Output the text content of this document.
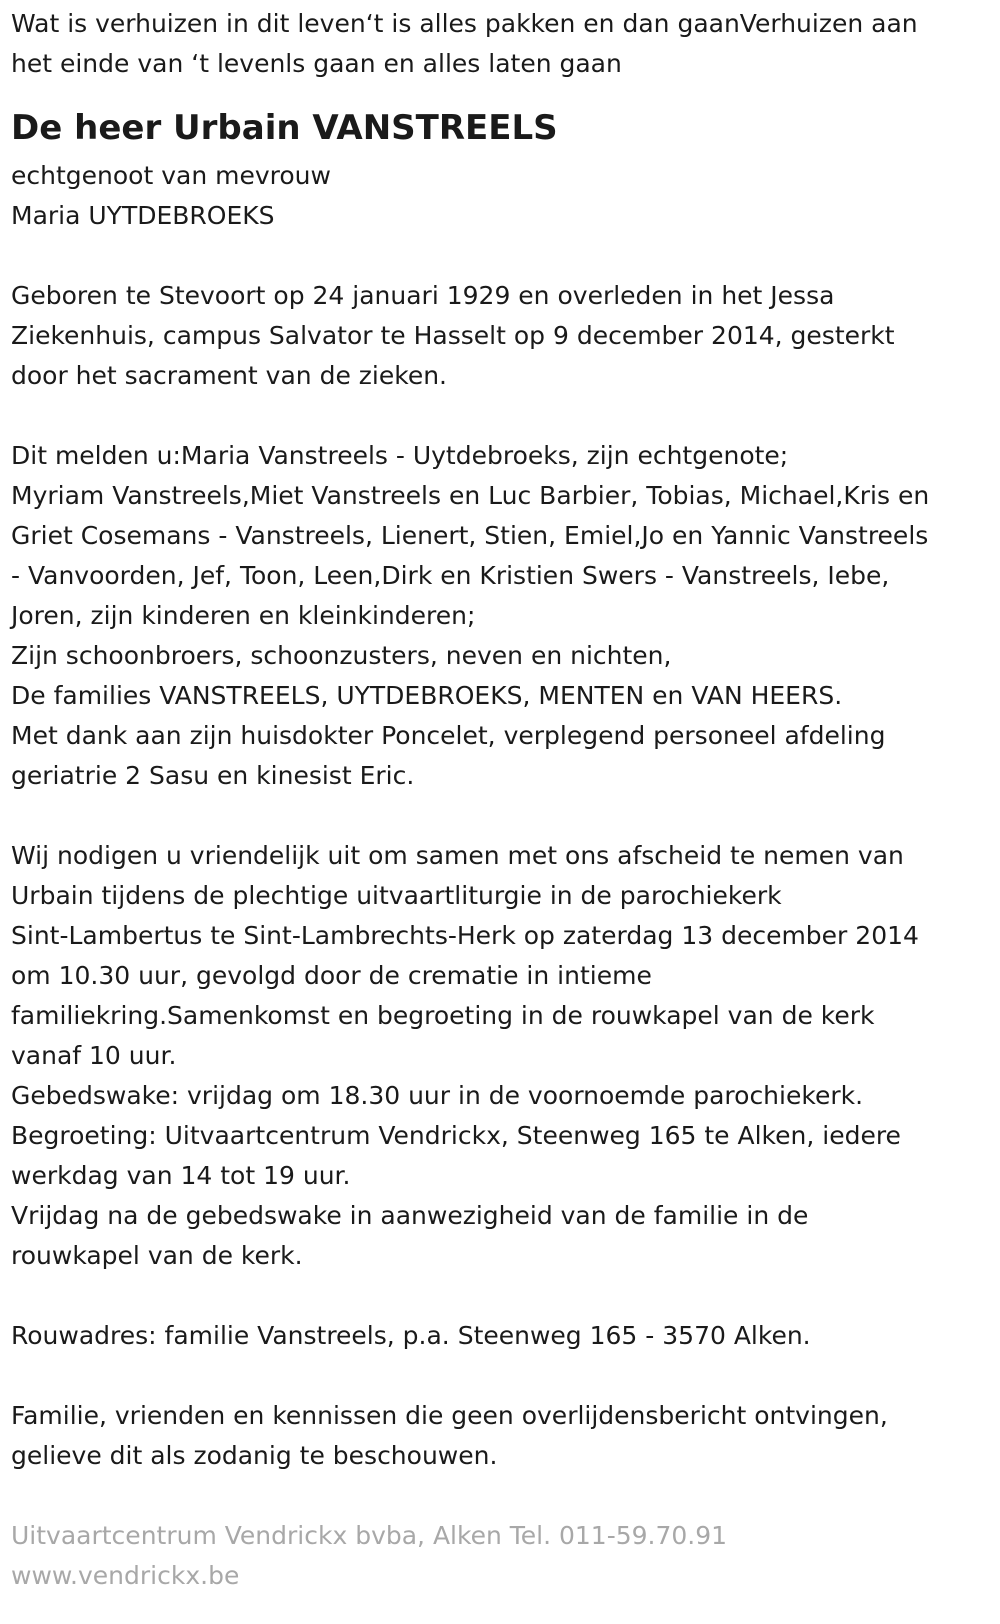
Wat is verhuizen in dit leven‘t is alles pakken en dan gaanVerhuizen aan

het einde van ‘t levenls gaan en alles laten gaan

De heer Urbain VANSTREELS

echtgenoot van mevrouw

Maria UYTDEBROEKS

Geboren te Stevoort op 24 januari 1929 en overleden in het Jessa

Ziekenhuis, campus Salvator te Hasselt op 9 december 2014, gesterkt

door het sacrament van de zieken.

Dit melden u:Maria Vanstreels - Uytdebroeks, zijn echtgenote;

Myriam Vanstreels,Miet Vanstreels en Luc Barbier, Tobias, Michael,Kris en

Griet Cosemans - Vanstreels, Lienert, Stien, Emiel,Jo en Yannic Vanstreels

- Vanvoorden, Jef, Toon, Leen,Dirk en Kristien Swers - Vanstreels, Iebe,

Joren, zijn kinderen en kleinkinderen;

Zijn schoonbroers, schoonzusters, neven en nichten,

De families VANSTREELS, UYTDEBROEKS, MENTEN en VAN HEERS.

Met dank aan zijn huisdokter Poncelet, verplegend personeel afdeling

geriatrie 2 Sasu en kinesist Eric.

Wij nodigen u vriendelijk uit om samen met ons afscheid te nemen van

Urbain tijdens de plechtige uitvaartliturgie in de parochiekerk

Sint-Lambertus te Sint-Lambrechts-Herk op zaterdag 13 december 2014

om 10.30 uur, gevolgd door de crematie in intieme

familiekring.Samenkomst en begroeting in de rouwkapel van de kerk

vanaf 10 uur.

Gebedswake: vrijdag om 18.30 uur in de voornoemde parochiekerk.

Begroeting: Uitvaartcentrum Vendrickx, Steenweg 165 te Alken, iedere

werkdag van 14 tot 19 uur.

Vrijdag na de gebedswake in aanwezigheid van de familie in de

rouwkapel van de kerk.

Rouwadres: familie Vanstreels, p.a. Steenweg 165 - 3570 Alken.

Familie, vrienden en kennissen die geen overlijdensbericht ontvingen,

gelieve dit als zodanig te beschouwen.

Uitvaartcentrum Vendrickx bvba, Alken Tel. 011-59.70.91

www.vendrickx.be
